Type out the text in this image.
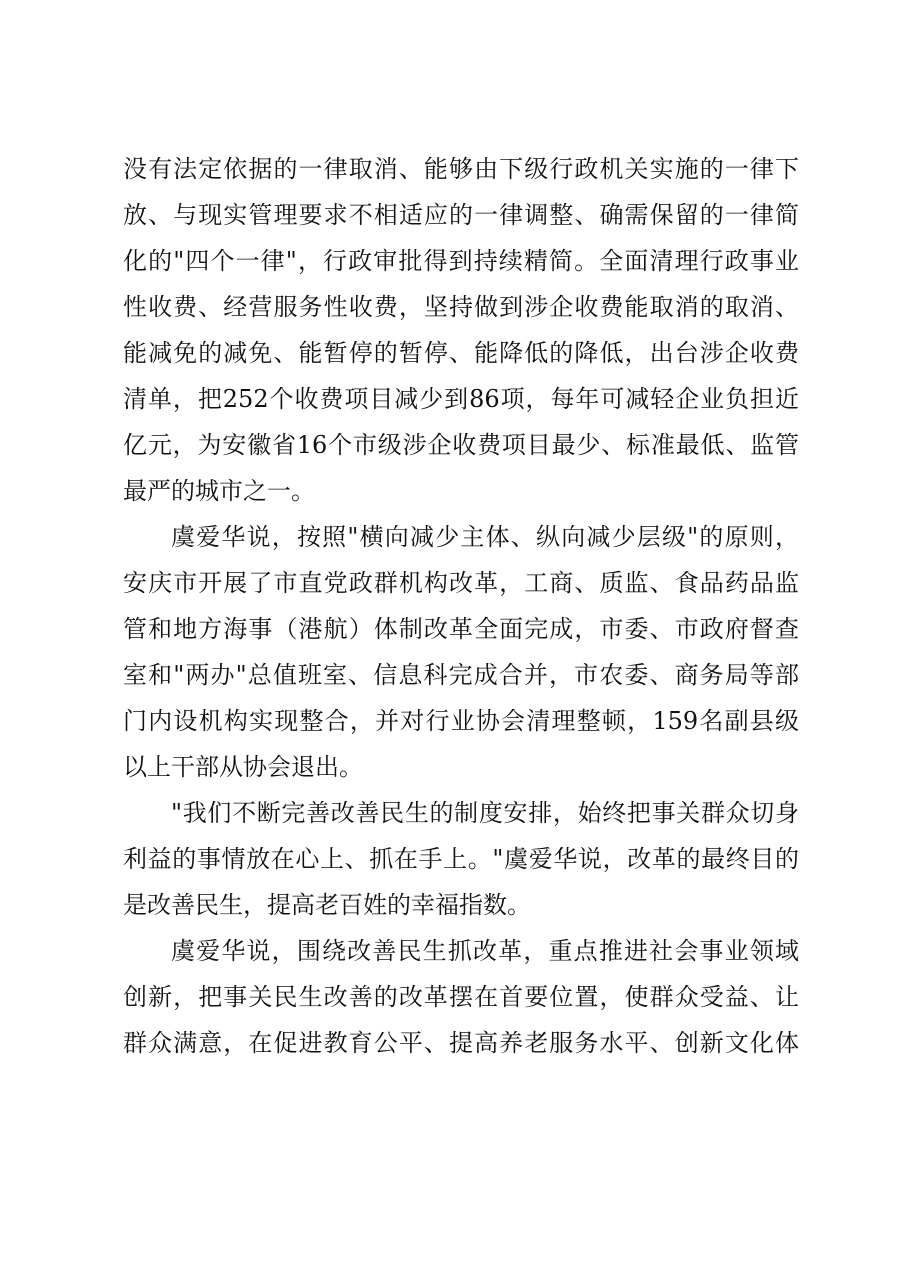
没有法定依据的一律取消、能够由下级行政机关实施的一律下
放、与现实管理要求不相适应的一律调整、确需保留的一律简
化的"四个一律"，行政审批得到持续精简。全面清理行政事业
性收费、经营服务性收费，坚持做到涉企收费能取消的取消、
能减免的减免、能暂停的暂停、能降低的降低，出台涉企收费
清单，把252个收费项目减少到86项，每年可减轻企业负担近
亿元，为安徽省16个市级涉企收费项目最少、标准最低、监管
最严的城市之一。
虞爱华说，按照"横向减少主体、纵向减少层级"的原则，
安庆市开展了市直党政群机构改革，工商、质监、食品药品监
管和地方海事（港航）体制改革全面完成，市委、市政府督查
室和"两办"总值班室、信息科完成合并，市农委、商务局等部
门内设机构实现整合，并对行业协会清理整顿，159名副县级
以上干部从协会退出。
"我们不断完善改善民生的制度安排，始终把事关群众切身
利益的事情放在心上、抓在手上。"虞爱华说，改革的最终目的
是改善民生，提高老百姓的幸福指数。
虞爱华说，围绕改善民生抓改革，重点推进社会事业领域
创新，把事关民生改善的改革摆在首要位置，使群众受益、让
群众满意，在促进教育公平、提高养老服务水平、创新文化体
